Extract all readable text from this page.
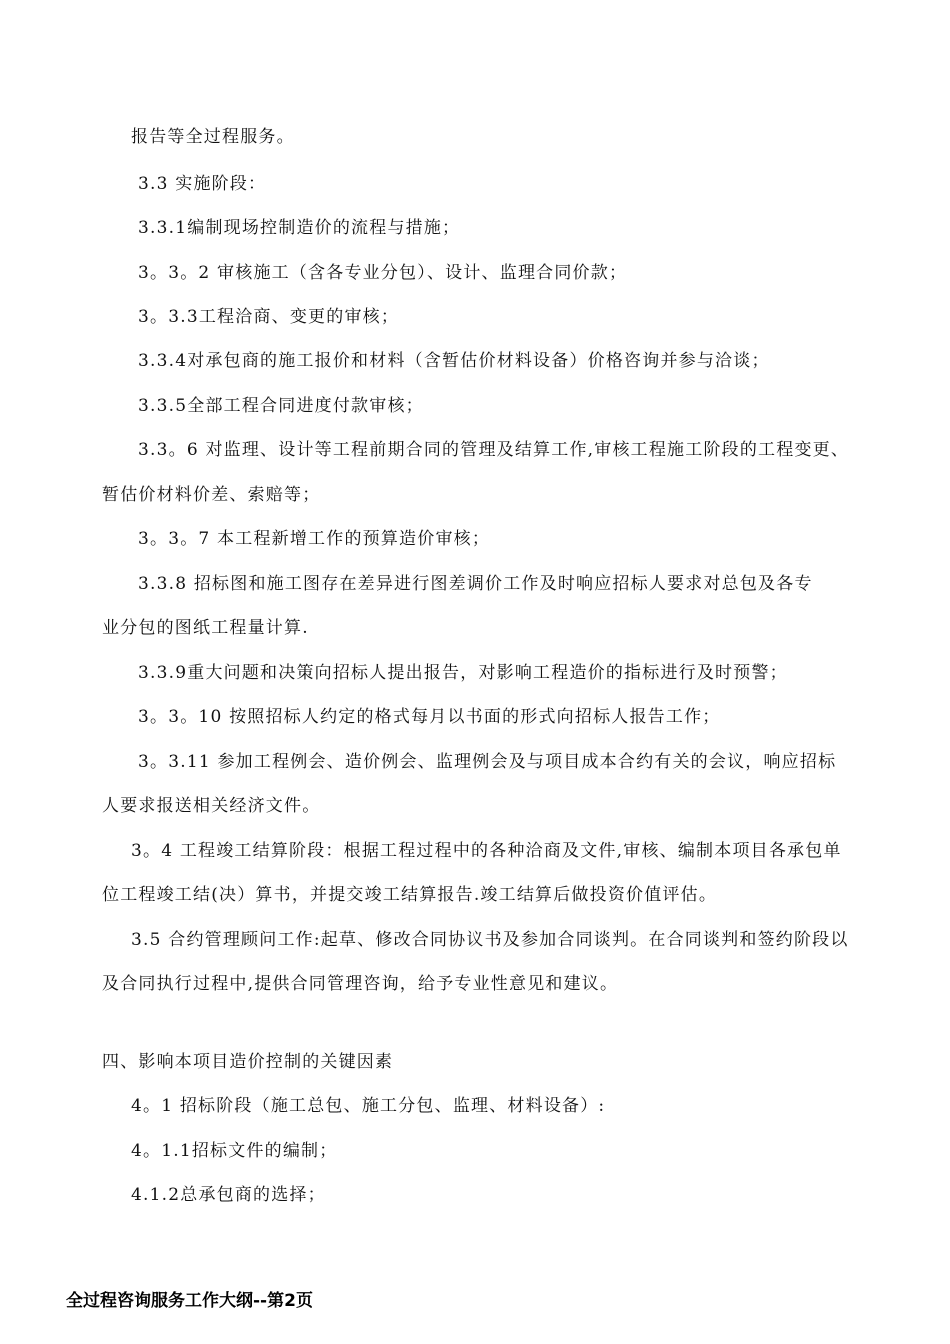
报告等全过程服务。
3.3 实施阶段：
3.3.1编制现场控制造价的流程与措施；
3。3。2 审核施工（含各专业分包）、设计、监理合同价款；
3。3.3工程洽商、变更的审核；
3.3.4对承包商的施工报价和材料（含暂估价材料设备）价格咨询并参与洽谈；
3.3.5全部工程合同进度付款审核；
3.3。6 对监理、设计等工程前期合同的管理及结算工作,审核工程施工阶段的工程变更、
暂估价材料价差、索赔等；
3。3。7 本工程新增工作的预算造价审核；
3.3.8 招标图和施工图存在差异进行图差调价工作及时响应招标人要求对总包及各专
业分包的图纸工程量计算.
3.3.9重大问题和决策向招标人提出报告，对影响工程造价的指标进行及时预警；
3。3。10 按照招标人约定的格式每月以书面的形式向招标人报告工作；
3。3.11 参加工程例会、造价例会、监理例会及与项目成本合约有关的会议，响应招标
人要求报送相关经济文件。
3。4 工程竣工结算阶段：根据工程过程中的各种洽商及文件,审核、编制本项目各承包单
位工程竣工结(决）算书，并提交竣工结算报告.竣工结算后做投资价值评估。
3.5 合约管理顾问工作:起草、修改合同协议书及参加合同谈判。在合同谈判和签约阶段以
及合同执行过程中,提供合同管理咨询，给予专业性意见和建议。
四、影响本项目造价控制的关键因素
4。1 招标阶段（施工总包、施工分包、监理、材料设备）:
4。1.1招标文件的编制；
4.1.2总承包商的选择；
全过程咨询服务工作大纲--第2页
